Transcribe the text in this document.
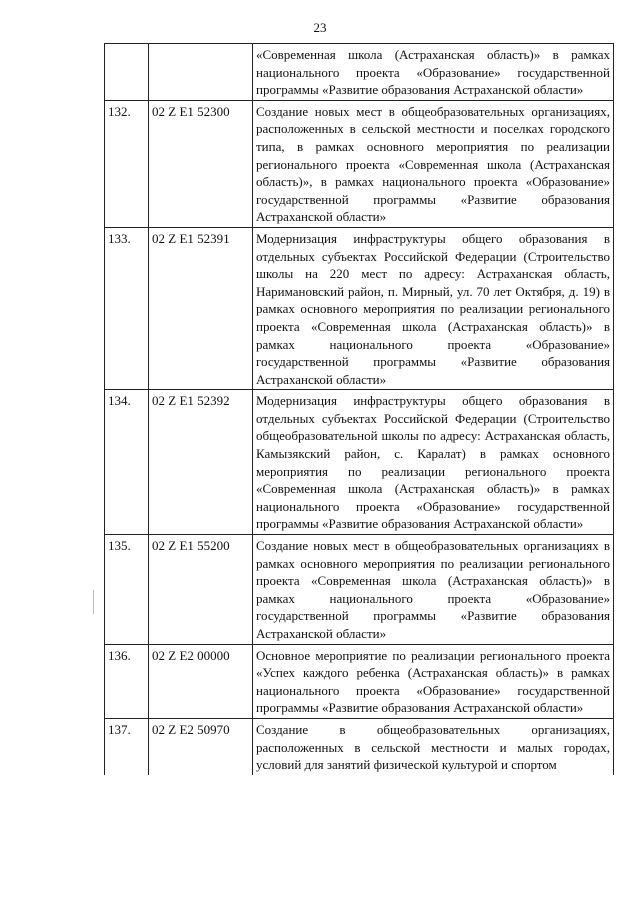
23
		«Современная школа (Астраханская область)» в рамках национального проекта «Образование» государственной программы «Развитие образования Астраханской области»
132.	02 Z E1 52300	Создание новых мест в общеобразовательных организациях, расположенных в сельской местности и поселках городского типа, в рамках основного мероприятия по реализации регионального проекта «Современная школа (Астраханская область)», в рамках национального проекта «Образование» государственной программы «Развитие образования Астраханской области»
133.	02 Z E1 52391	Модернизация инфраструктуры общего образования в отдельных субъектах Российской Федерации (Строительство школы на 220 мест по адресу: Астраханская область, Наримановский район, п. Мирный, ул. 70 лет Октября, д. 19) в рамках основного мероприятия по реализации регионального проекта «Современная школа (Астраханская область)» в рамках национального проекта «Образование» государственной программы «Развитие образования Астраханской области»
134.	02 Z E1 52392	Модернизация инфраструктуры общего образования в отдельных субъектах Российской Федерации (Строительство общеобразовательной школы по адресу: Астраханская область, Камызякский район, с. Каралат) в рамках основного мероприятия по реализации регионального проекта «Современная школа (Астраханская область)» в рамках национального проекта «Образование» государственной программы «Развитие образования Астраханской области»
135.	02 Z E1 55200	Создание новых мест в общеобразовательных организациях в рамках основного мероприятия по реализации регионального проекта «Современная школа (Астраханская область)» в рамках национального проекта «Образование» государственной программы «Развитие образования Астраханской области»
136.	02 Z E2 00000	Основное мероприятие по реализации регионального проекта «Успех каждого ребенка (Астраханская область)» в рамках национального проекта «Образование» государственной программы «Развитие образования Астраханской области»
137.	02 Z E2 50970	Создание в общеобразовательных организациях, расположенных в сельской местности и малых городах, условий для занятий физической культурой и спортом
